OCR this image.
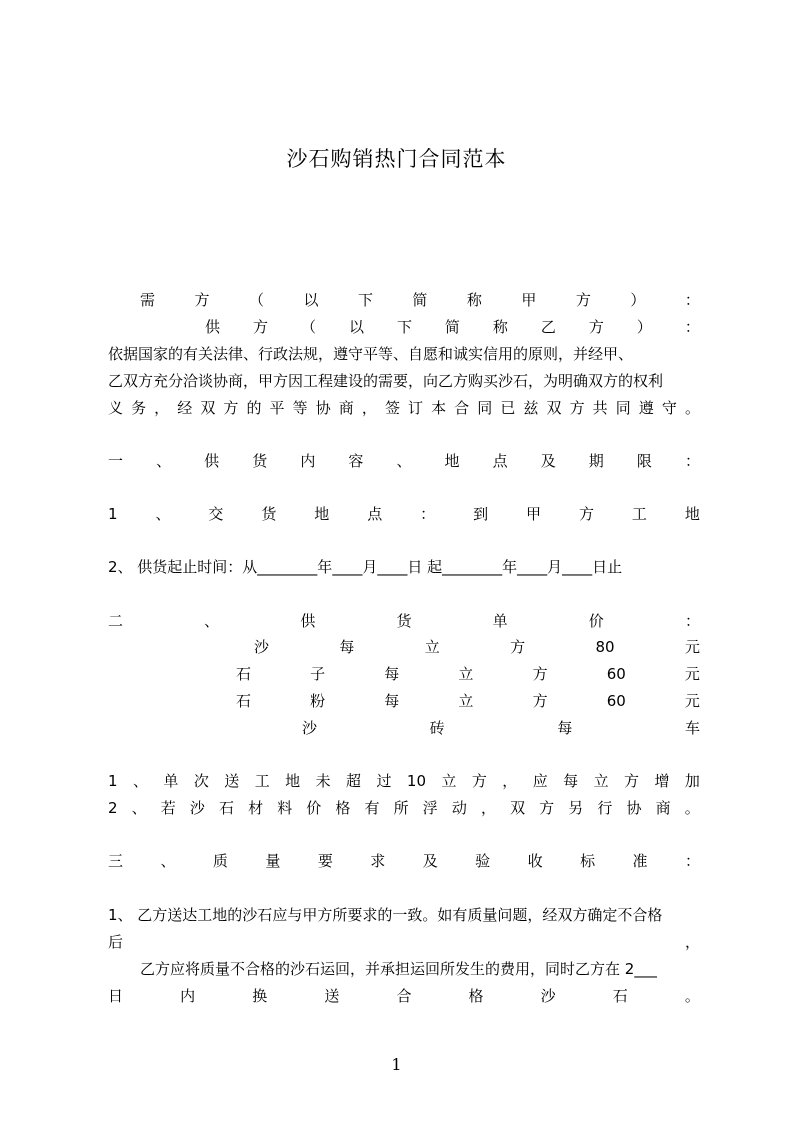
沙石购销热门合同范本
需	方	（	以	下	简	称	甲	方	）	：
供 方 （ 以 下 简 称 乙 方 ） ：
依据国家的有关法律、行政法规，遵守平等、自愿和诚实信用的原则，并经甲、
乙双方充分洽谈协商，甲方因工程建设的需要，向乙方购买沙石，为明确双方的权利
义 务 ， 经 双 方 的 平 等 协 商 ， 签 订 本 合 同 已 兹 双 方 共 同 遵 守 。
一 、 供 货 内 容 、 地 点 及 期 限 ：
1	、	交	货	地	点	：	到	甲	方	工	地
2、 供货起止时间：从________年____月____日 起________年____月____日止
二	、	供	货	单	价	：
沙	每	立	方	80	元
石	子	每	立	方	60	元
石	粉	每	立	方	60	元
沙	砖	每	车
1 、 单 次 送 工 地 未 超 过 10 立 方 ， 应 每 立 方 增 加
2 、 若 沙 石 材 料 价 格 有 所 浮 动 ， 双 方 另 行 协 商 。
三 、 质 量 要 求 及 验 收 标 准 ：
1、 乙方送达工地的沙石应与甲方所要求的一致。如有质量问题，经双方确定不合格
后	，
乙方应将质量不合格的沙石运回，并承担运回所发生的费用，同时乙方在 2___
日	内	换	送	合	格	沙	石	。
1
